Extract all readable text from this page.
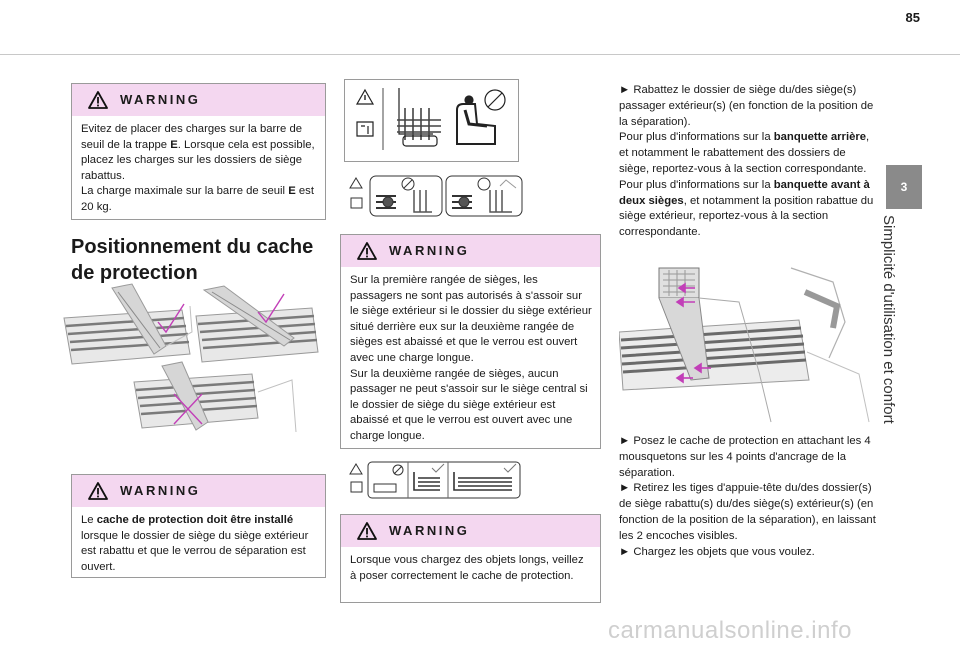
85
3
Simplicité d'utilisation et confort
WARNING

Evitez de placer des charges sur la barre de seuil de la trappe E. Lorsque cela est possible, placez les charges sur les dossiers de siège rabattus.

La charge maximale sur la barre de seuil E est 20 kg.

Positionnement du cache de protection
WARNING

Le cache de protection doit être installé lorsque le dossier de siège du siège extérieur est rabattu et que le verrou de séparation est ouvert.

WARNING

Sur la première rangée de sièges, les passagers ne sont pas autorisés à s'assoir sur le siège extérieur si le dossier du siège extérieur situé derrière eux sur la deuxième rangée de sièges est abaissé et que le verrou est ouvert avec une charge longue.

Sur la deuxième rangée de sièges, aucun passager ne peut s'assoir sur le siège central si le dossier de siège du siège extérieur est abaissé et que le verrou est ouvert avec une charge longue.

WARNING

Lorsque vous chargez des objets longs, veillez à poser correctement le cache de protection.

► Rabattez le dossier de siège du/des siège(s) passager extérieur(s) (en fonction de la position de la séparation).

Pour plus d'informations sur la banquette arrière, et notamment le rabattement des dossiers de siège, reportez-vous à la section correspondante.

Pour plus d'informations sur la banquette avant à deux sièges, et notamment la position rabattue du siège extérieur, reportez-vous à la section correspondante.

► Posez le cache de protection en attachant les 4 mousquetons sur les 4 points d'ancrage de la séparation.

► Retirez les tiges d'appuie-tête du/des dossier(s) de siège rabattu(s) du/des siège(s) extérieur(s) (en fonction de la position de la séparation), en laissant les 2 encoches visibles.

► Chargez les objets que vous voulez.

carmanualsonline.info
